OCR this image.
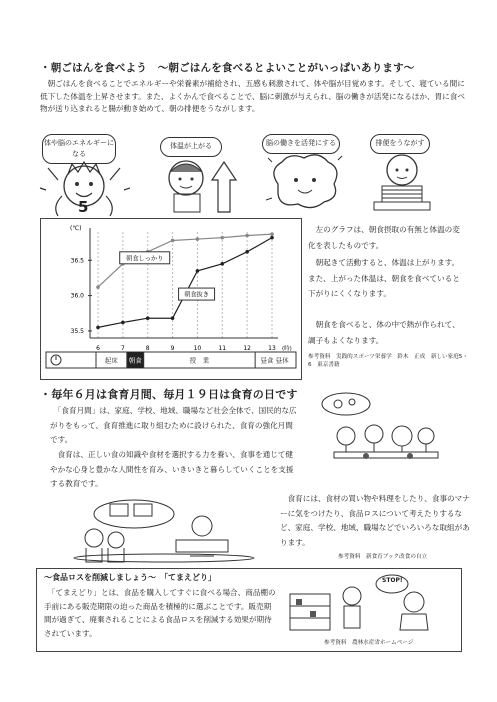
・朝ごはんを食べよう　～朝ごはんを食べるとよいことがいっぱいあります～
　朝ごはんを食べることでエネルギーや栄養素が補給され、五感も刺激されて、体や脳が目覚めます。そして、寝ている間に低下した体温を上昇させます。また、よくかんで食べることで、脳に刺激が与えられ、脳の働きが活発になるほか、胃に食べ物が送り込まれると腸が動き始めて、朝の排便をうながします。
体や脳のエネルギーになる
5
体温が上がる	脳の働きを活発にする	排便をうながす
35.5
36.0
36.5
(℃)
6	7	8	9	10	11	12	13 (時)
朝食しっかり
朝食抜き
起床 朝食	授　業	昼食 昼休
　左のグラフは、朝食摂取の有無と体温の変化を表したものです。
　朝起きて活動すると、体温は上がります。また、上がった体温は、朝食を食べていると下がりにくくなります。
　朝食を食べると、体の中で熱が作られて、調子もよくなります。
参考資料　実践的スポーツ栄養学　鈴木　正成　新しい家庭5・6　東京書籍
・毎年６月は食育月間、毎月１９日は食育の日です
　「食育月間」は、家庭、学校、地域、職場など社会全体で、国民的な広がりをもって、食育推進に取り組むために設けられた、食育の強化月間です。
　食育は、正しい食の知識や食材を選択する力を養い、食事を通じて健やかな心身と豊かな人間性を育み、いきいきと暮らしていくことを支援する教育です。
　食育には、食材の買い物や料理をしたり、食事のマナーに気をつけたり、食品ロスについて考えたりするなど、家庭、学校、地域、職場などでいろいろな取組があります。
参考資料　新食育ブック改食の自立
～食品ロスを削減しましょう～　「てまえどり」
　「てまえどり」とは、食品を購入してすぐに食べる場合、商品棚の手前にある販売期限の迫った商品を積極的に選ぶことです。販売期間が過ぎて、廃棄されることによる食品ロスを削減する効果が期待されています。
STOP!
参考資料　農林水産省ホームページ
